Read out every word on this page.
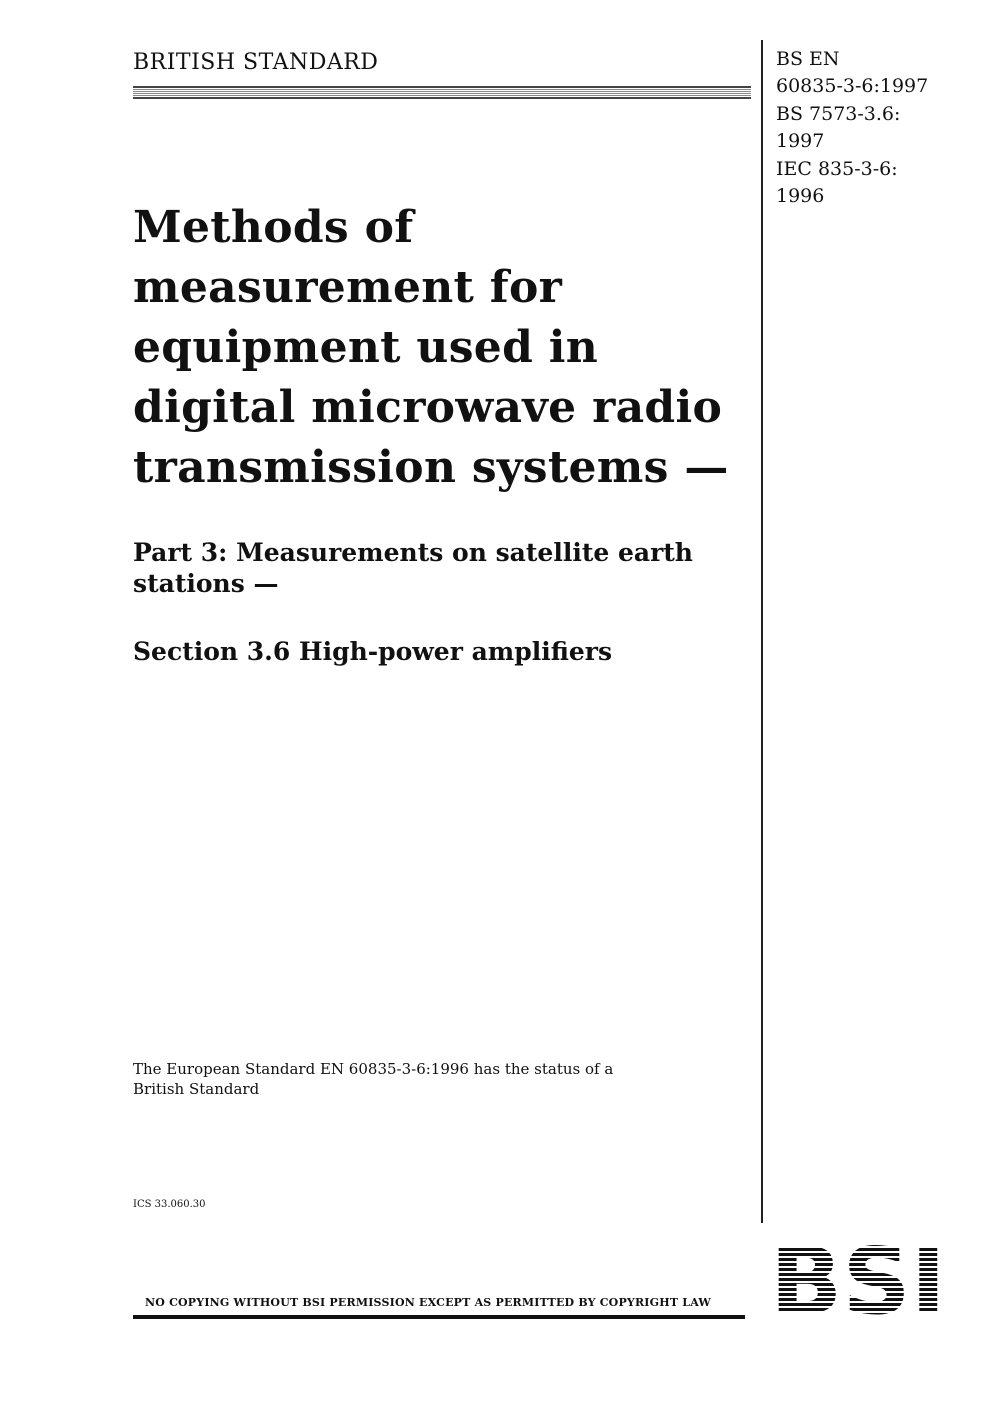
BRITISH STANDARD	BS EN
60835-3-6:1997
BS 7573-3.6:
1997
IEC 835-3-6:
1996
Methods of
measurement for
equipment used in
digital microwave radio
transmission systems —
Part 3: Measurements on satellite earth
stations —
Section 3.6 High-power amplifiers
The European Standard EN 60835-3-6:1996 has the status of a
British Standard
ICS 33.060.30
NO COPYING WITHOUT BSI PERMISSION EXCEPT AS PERMITTED BY COPYRIGHT LAW
